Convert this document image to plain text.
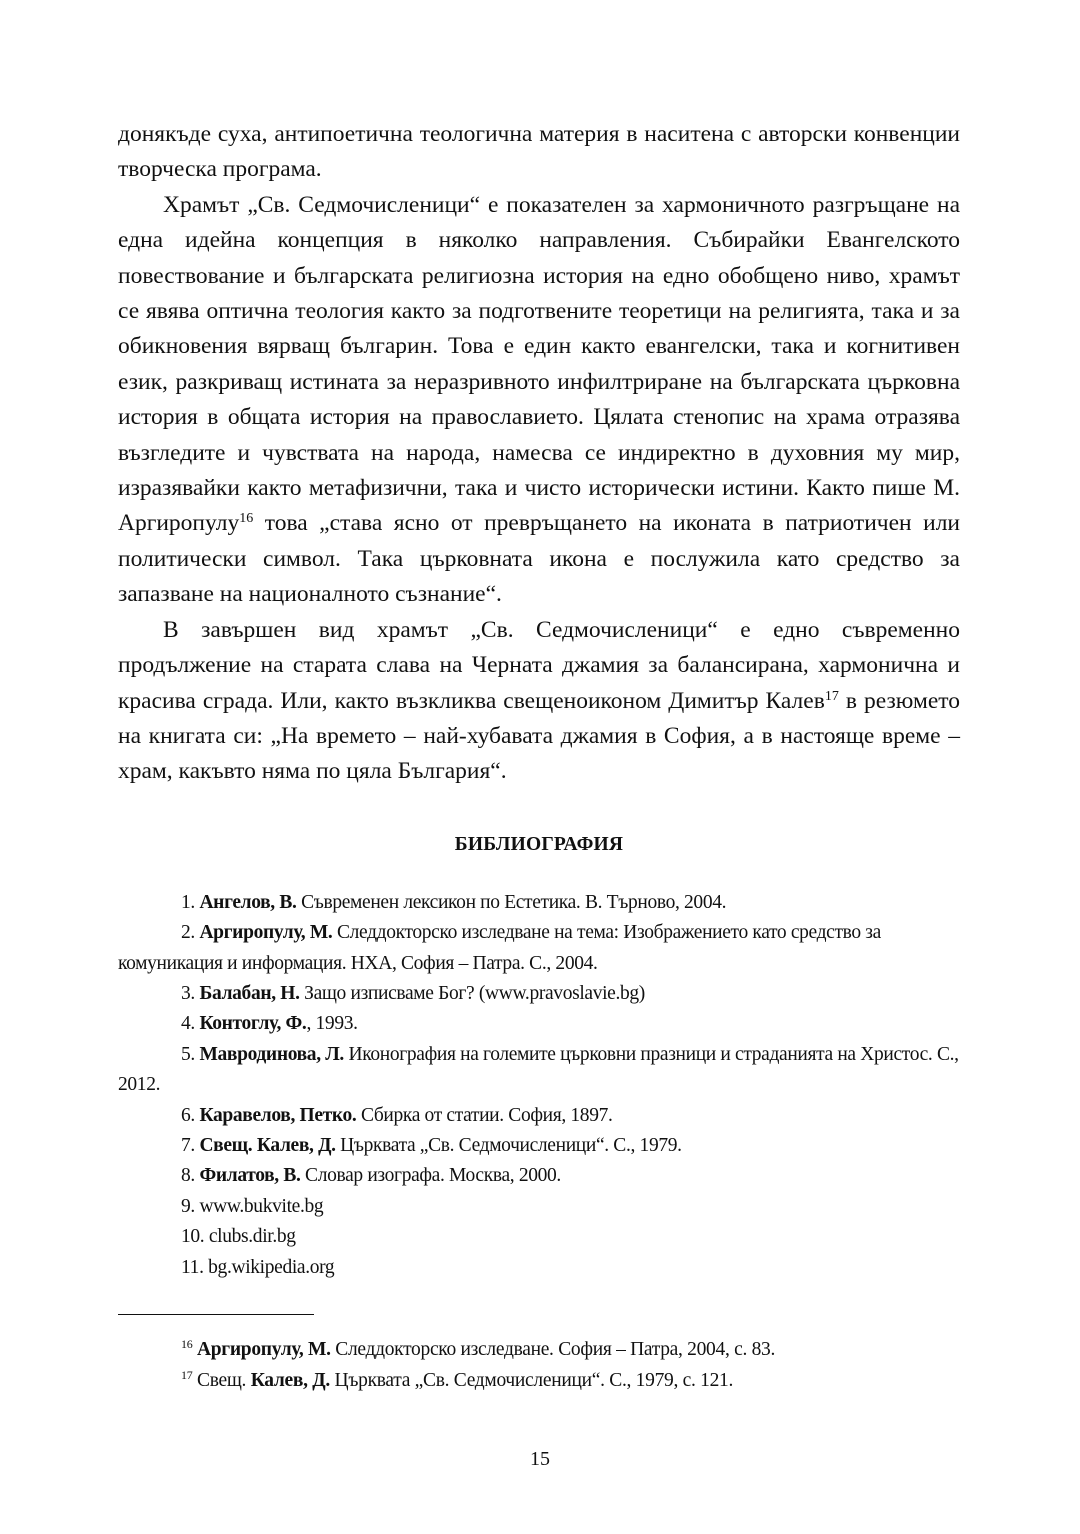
донякъде суха, антипоетична теологична материя в наситена с авторски конвенции творческа програма.

Храмът „Св. Седмочисленици“ е показателен за хармоничното разгръщане на една идейна концепция в няколко направления. Събирайки Евангелското повествование и българската религиозна история на едно обобщено ниво, храмът се явява оптична теология както за подготвените теоретици на религията, така и за обикновения вярващ българин. Това е един както евангелски, така и когнитивен език, разкриващ истината за неразривното инфилтриране на българската църковна история в общата история на православието. Цялата стенопис на храма отразява възгледите и чувствата на народа, намесва се индиректно в духовния му мир, изразявайки както метафизични, така и чисто исторически истини. Както пише М. Аргиропулу$^{16}$ това „става ясно от превръщането на иконата в патриотичен или политически символ. Така църковната икона е послужила като средство за запазване на националното съзнание“.

В завършен вид храмът „Св. Седмочисленици“ е едно съвременно продължение на старата слава на Черната джамия за балансирана, хармонична и красива сграда. Или, както възкликва свещеноиконом Димитър Калев$^{17}$ в резюмето на книгата си: „На времето – най-хубавата джамия в София, а в настояще време – храм, какъвто няма по цяла България“.

БИБЛИОГРАФИЯ
1. Ангелов, В. Съвременен лексикон по Естетика. В. Търново, 2004.
2. Аргиропулу, М. Следдокторско изследване на тема: Изображението като средство за комуникация и информация. НХА, София – Патра. С., 2004.
3. Балабан, Н. Защо изписваме Бог? (www.pravoslavie.bg)
4. Контоглу, Ф., 1993.
5. Мавродинова, Л. Иконография на големите църковни празници и страданията на Христос. С., 2012.
6. Каравелов, Петко. Сбирка от статии. София, 1897.
7. Свещ. Калев, Д. Църквата „Св. Седмочисленици“. С., 1979.
8. Филатов, В. Словар изографа. Москва, 2000.
9. www.bukvite.bg
10. clubs.dir.bg
11. bg.wikipedia.org
$^{16}$ Аргиропулу, М. Следдокторско изследване. София – Патра, 2004, с. 83.
$^{17}$ Свещ. Калев, Д. Църквата „Св. Седмочисленици“. С., 1979, с. 121.
15
